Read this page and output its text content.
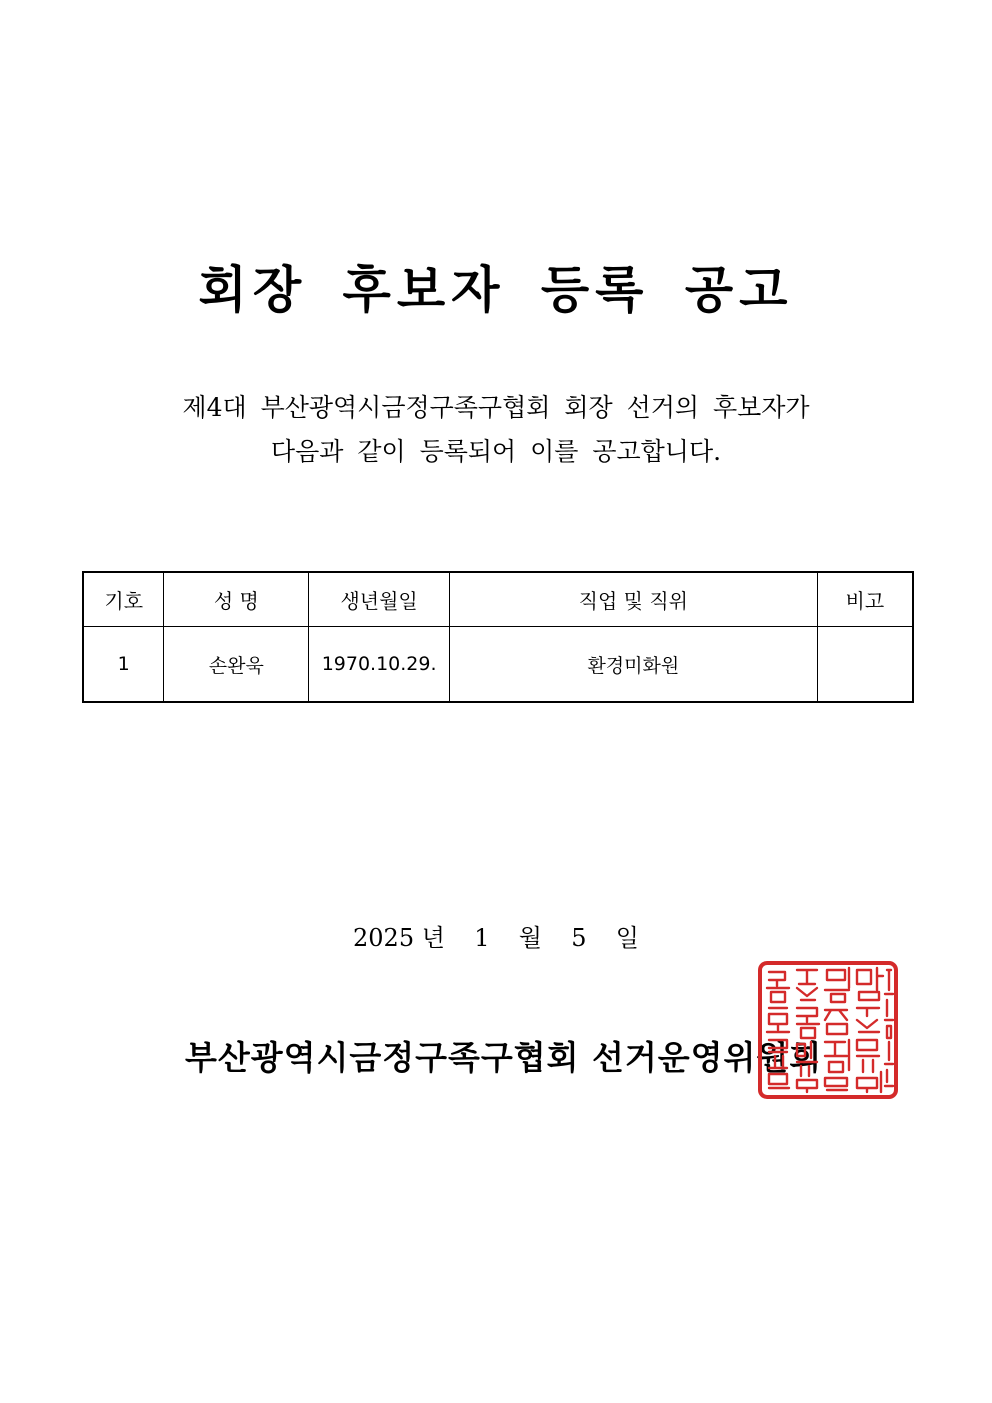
회장 후보자 등록 공고
제4대 부산광역시금정구족구협회 회장 선거의 후보자가
다음과 같이 등록되어 이를 공고합니다.
기호	성 명	생년월일	직업 및 직위	비고
1	손완욱	1970.10.29.	환경미화원	
2025 년 1 월 5 일
부산광역시금정구족구협회 선거운영위원회
